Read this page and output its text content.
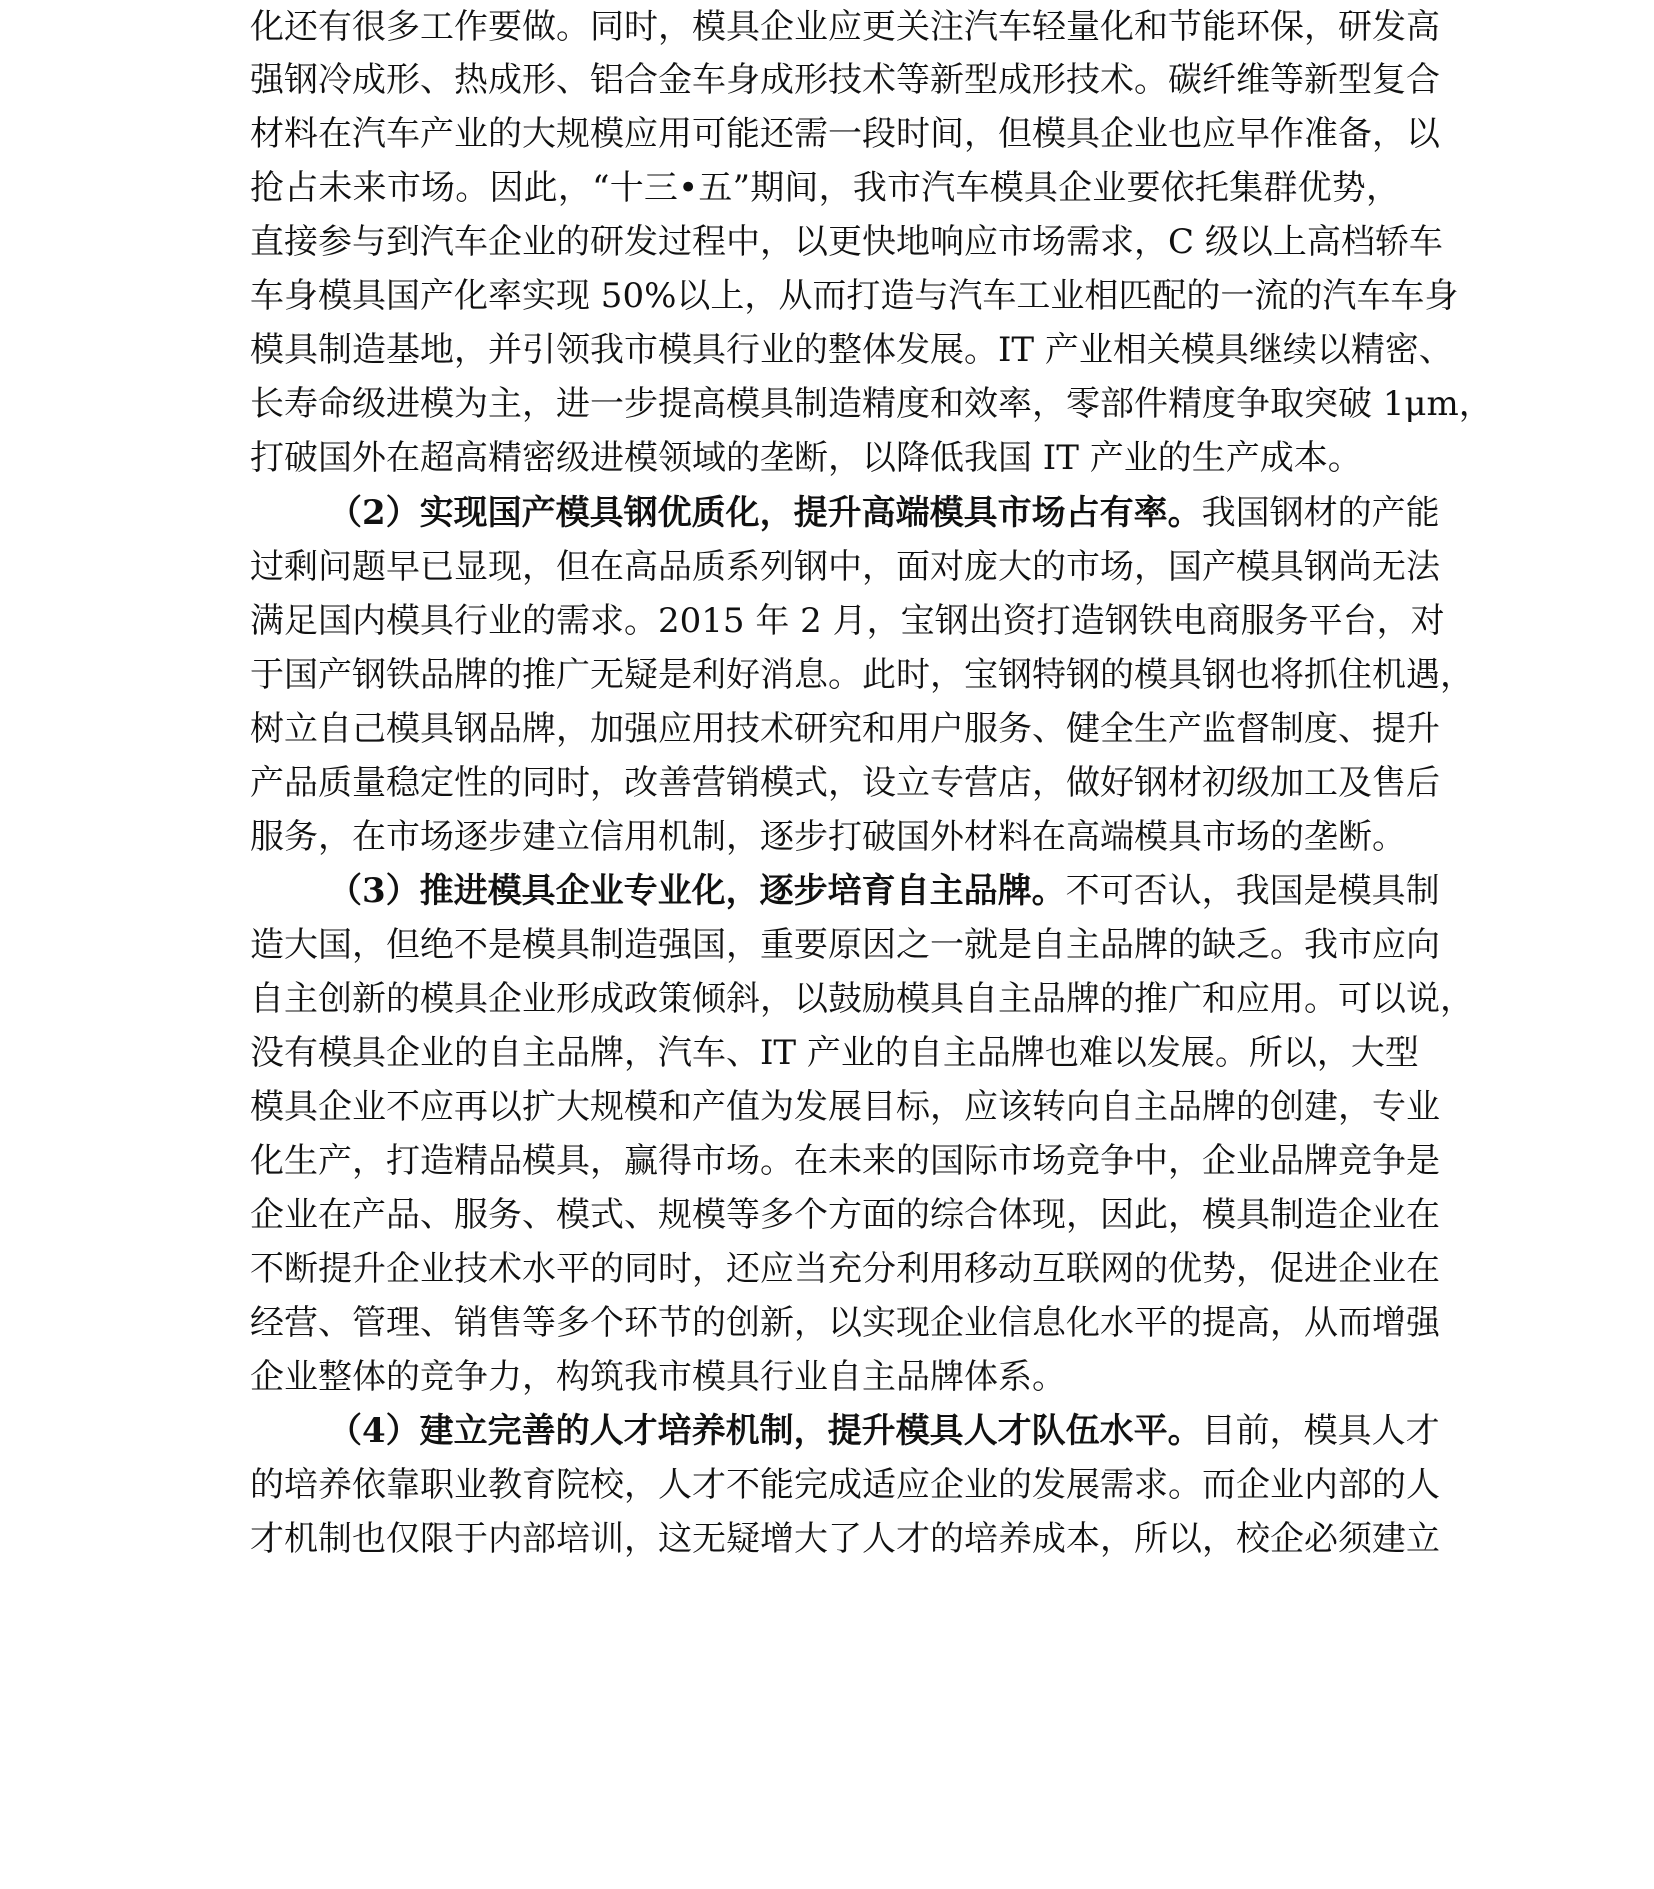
化还有很多工作要做。同时，模具企业应更关注汽车轻量化和节能环保，研发高
强钢冷成形、热成形、铝合金车身成形技术等新型成形技术。碳纤维等新型复合
材料在汽车产业的大规模应用可能还需一段时间，但模具企业也应早作准备，以
抢占未来市场。因此，“十三•五”期间，我市汽车模具企业要依托集群优势，
直接参与到汽车企业的研发过程中，以更快地响应市场需求，C 级以上高档轿车
车身模具国产化率实现 50%以上，从而打造与汽车工业相匹配的一流的汽车车身
模具制造基地，并引领我市模具行业的整体发展。IT 产业相关模具继续以精密、
长寿命级进模为主，进一步提高模具制造精度和效率，零部件精度争取突破 1μm，
打破国外在超高精密级进模领域的垄断，以降低我国 IT 产业的生产成本。
（2）实现国产模具钢优质化，提升高端模具市场占有率。我国钢材的产能
过剩问题早已显现，但在高品质系列钢中，面对庞大的市场，国产模具钢尚无法
满足国内模具行业的需求。2015 年 2 月，宝钢出资打造钢铁电商服务平台，对
于国产钢铁品牌的推广无疑是利好消息。此时，宝钢特钢的模具钢也将抓住机遇，
树立自己模具钢品牌，加强应用技术研究和用户服务、健全生产监督制度、提升
产品质量稳定性的同时，改善营销模式，设立专营店，做好钢材初级加工及售后
服务，在市场逐步建立信用机制，逐步打破国外材料在高端模具市场的垄断。
（3）推进模具企业专业化，逐步培育自主品牌。不可否认，我国是模具制
造大国，但绝不是模具制造强国，重要原因之一就是自主品牌的缺乏。我市应向
自主创新的模具企业形成政策倾斜，以鼓励模具自主品牌的推广和应用。可以说，
没有模具企业的自主品牌，汽车、IT 产业的自主品牌也难以发展。所以，大型
模具企业不应再以扩大规模和产值为发展目标，应该转向自主品牌的创建，专业
化生产，打造精品模具，赢得市场。在未来的国际市场竞争中，企业品牌竞争是
企业在产品、服务、模式、规模等多个方面的综合体现，因此，模具制造企业在
不断提升企业技术水平的同时，还应当充分利用移动互联网的优势，促进企业在
经营、管理、销售等多个环节的创新，以实现企业信息化水平的提高，从而增强
企业整体的竞争力，构筑我市模具行业自主品牌体系。
（4）建立完善的人才培养机制，提升模具人才队伍水平。目前，模具人才
的培养依靠职业教育院校，人才不能完成适应企业的发展需求。而企业内部的人
才机制也仅限于内部培训，这无疑增大了人才的培养成本，所以，校企必须建立
